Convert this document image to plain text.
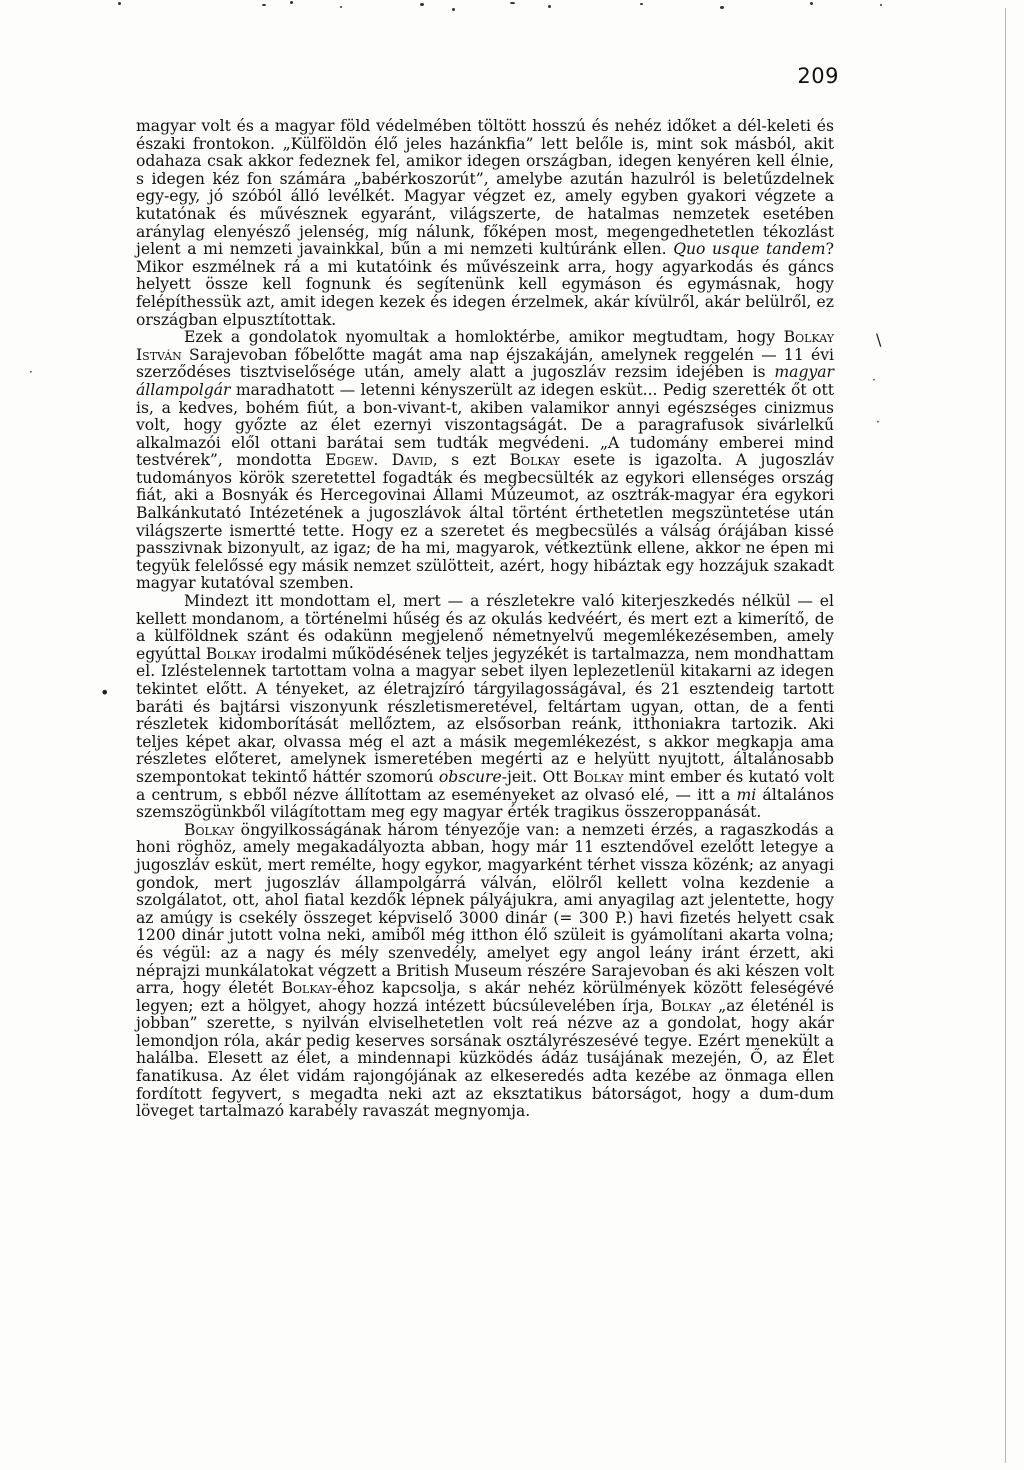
209

magyar volt és a magyar föld védelmében töltött hosszú és nehéz időket a dél-keleti és északi frontokon. „Külföldön élő jeles hazánkfia” lett belőle is, mint sok másból, akit odahaza csak akkor fedeznek fel, amikor idegen országban, idegen kenyéren kell élnie, s idegen kéz fon számára „babérkoszorút”, amelybe azután hazulról is beletűzdelnek egy-egy, jó szóból álló levélkét. Magyar végzet ez, amely egyben gyakori végzete a kutatónak és művésznek egyaránt, világszerte, de hatalmas nemzetek esetében aránylag elenyésző jelenség, míg nálunk, főképen most, megengedhetetlen tékozlást jelent a mi nemzeti javainkkal, bűn a mi nemzeti kultúránk ellen. Quo usque tandem? Mikor eszmélnek rá a mi kutatóink és művészeink arra, hogy agyarkodás és gáncs helyett össze kell fognunk és segítenünk kell egymáson és egymásnak, hogy felépíthessük azt, amit idegen kezek és idegen érzelmek, akár kívülről, akár belülről, ez országban elpusztítottak.

Ezek a gondolatok nyomultak a homloktérbe, amikor megtudtam, hogy Bolkay István Sarajevoban főbelőtte magát ama nap éjszakáján, amelynek reggelén — 11 évi szerződéses tisztviselősége után, amely alatt a jugoszláv rezsim idejében is magyar állampolgár maradhatott — letenni kényszerült az idegen esküt... Pedig szerették őt ott is, a kedves, bohém fiút, a bon-vivant-t, akiben valamikor annyi egészséges cinizmus volt, hogy győzte az élet ezernyi viszontagságát. De a paragrafusok sivárlelkű alkalmazói elől ottani barátai sem tudták megvédeni. „A tudomány emberei mind testvérek”, mondotta Edgew. David, s ezt Bolkay esete is igazolta. A jugoszláv tudományos körök szeretettel fogadták és megbecsülték az egykori ellenséges ország fiát, aki a Bosnyák és Hercegovinai Állami Múzeumot, az osztrák-magyar éra egykori Balkánkutató Intézetének a jugoszlávok által történt érthetetlen megszüntetése után világszerte ismertté tette. Hogy ez a szeretet és megbecsülés a válság órájában kissé passzivnak bizonyult, az igaz; de ha mi, magyarok, vétkeztünk ellene, akkor ne épen mi tegyük felelőssé egy másik nemzet szülötteit, azért, hogy hibáztak egy hozzájuk szakadt magyar kutatóval szemben.

Mindezt itt mondottam el, mert — a részletekre való kiterjeszkedés nélkül — el kellett mondanom, a történelmi hűség és az okulás kedvéért, és mert ezt a kimerítő, de a külföldnek szánt és odakünn megjelenő németnyelvű megemlékezésemben, amely egyúttal Bolkay irodalmi működésének teljes jegyzékét is tartalmazza, nem mondhattam el. Izléstelennek tartottam volna a magyar sebet ilyen leplezetlenül kitakarni az idegen tekintet előtt. A tényeket, az életrajzíró tárgyilagosságával, és 21 esztendeig tartott baráti és bajtársi viszonyunk részletismeretével, feltártam ugyan, ottan, de a fenti részletek kidomborítását mellőztem, az elsősorban reánk, itthoniakra tartozik. Aki teljes képet akar, olvassa még el azt a másik megemlékezést, s akkor megkapja ama részletes előteret, amelynek ismeretében megérti az e helyütt nyujtott, általánosabb szempontokat tekintő háttér szomorú obscure-jeit. Ott Bolkay mint ember és kutató volt a centrum, s ebből nézve állítottam az eseményeket az olvasó elé, — itt a mi általános szemszögünkből világítottam meg egy magyar érték tragikus összeroppanását.

Bolkay öngyilkosságának három tényezője van: a nemzeti érzés, a ragaszkodás a honi röghöz, amely megakadályozta abban, hogy már 11 esztendővel ezelőtt letegye a jugoszláv esküt, mert remélte, hogy egykor, magyarként térhet vissza közénk; az anyagi gondok, mert jugoszláv állampolgárrá válván, elölről kellett volna kezdenie a szolgálatot, ott, ahol fiatal kezdők lépnek pályájukra, ami anyagilag azt jelentette, hogy az amúgy is csekély összeget képviselő 3000 dinár (= 300 P.) havi fizetés helyett csak 1200 dinár jutott volna neki, amiből még itthon élő szüleit is gyámolítani akarta volna; és végül: az a nagy és mély szenvedély, amelyet egy angol leány iránt érzett, aki néprajzi munkálatokat végzett a British Museum részére Sarajevoban és aki készen volt arra, hogy életét Bolkay-éhoz kapcsolja, s akár nehéz körülmények között feleségévé legyen; ezt a hölgyet, ahogy hozzá intézett búcsúlevelében írja, Bolkay „az életénél is jobban” szerette, s nyilván elviselhetetlen volt reá nézve az a gondolat, hogy akár lemondjon róla, akár pedig keserves sorsának osztályrészesévé tegye. Ezért menekült a halálba. Elesett az élet, a mindennapi küzködés ádáz tusájának mezején, Ő, az Élet fanatikusa. Az élet vidám rajongójának az elkeseredés adta kezébe az önmaga ellen fordított fegyvert, s megadta neki azt az eksztatikus bátorságot, hogy a dum-dum löveget tartalmazó karabély ravaszát megnyomja.

\
·
·
·
•
